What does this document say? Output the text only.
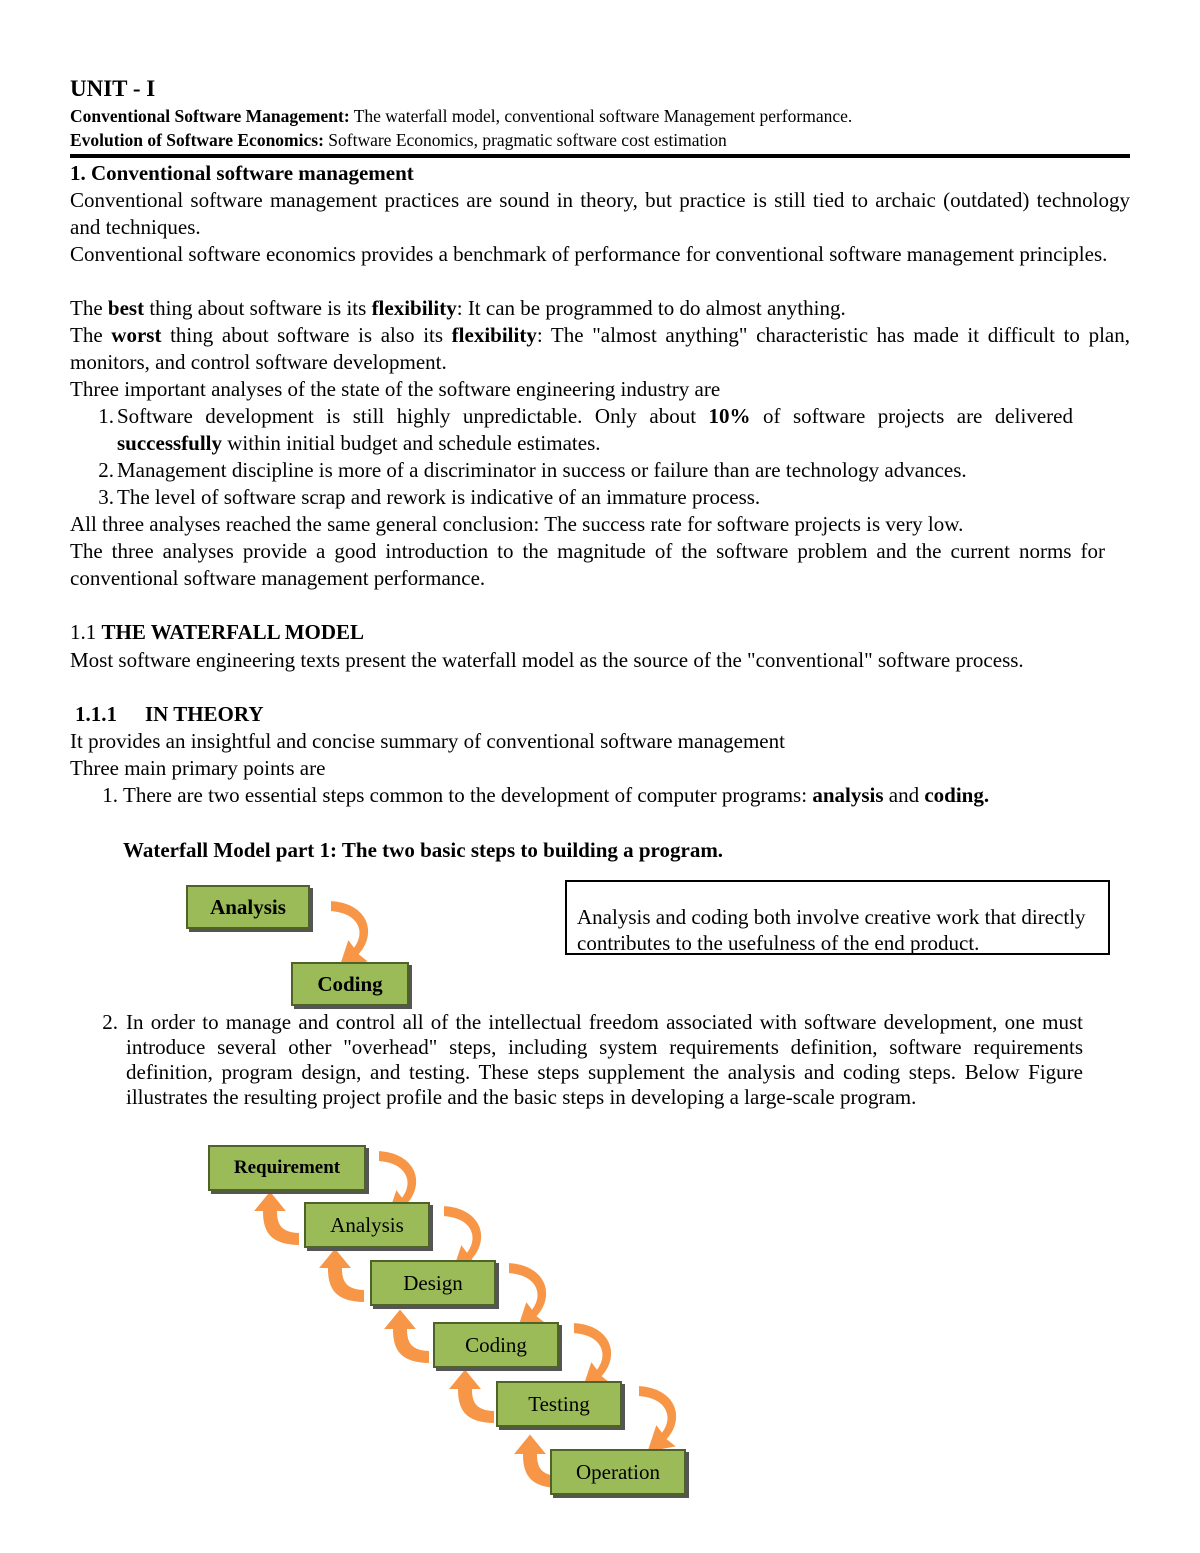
UNIT - I
Conventional Software Management: The waterfall model, conventional software Management performance.
Evolution of Software Economics: Software Economics, pragmatic software cost estimation
1. Conventional software management
Conventional software management practices are sound in theory, but practice is still tied to archaic (outdated) technology and techniques.
Conventional software economics provides a benchmark of performance for conventional software management principles.
The best thing about software is its flexibility: It can be programmed to do almost anything.
The worst thing about software is also its flexibility: The "almost anything" characteristic has made it difficult to plan, monitors, and control software development.
Three important analyses of the state of the software engineering industry are
1. Software development is still highly unpredictable. Only about 10% of software projects are delivered successfully within initial budget and schedule estimates.
2. Management discipline is more of a discriminator in success or failure than are technology advances.
3. The level of software scrap and rework is indicative of an immature process.
All three analyses reached the same general conclusion: The success rate for software projects is very low.
The three analyses provide a good introduction to the magnitude of the software problem and the current norms for conventional software management performance.
1.1 THE WATERFALL MODEL
Most software engineering texts present the waterfall model as the source of the "conventional" software process.
1.1.1 IN THEORY
It provides an insightful and concise summary of conventional software management
Three main primary points are
1. There are two essential steps common to the development of computer programs: analysis and coding.
Waterfall Model part 1: The two basic steps to building a program.
Analysis
Coding
Analysis and coding both involve creative work that directly contributes to the usefulness of the end product.
2. In order to manage and control all of the intellectual freedom associated with software development, one must introduce several other "overhead" steps, including system requirements definition, software requirements definition, program design, and testing. These steps supplement the analysis and coding steps. Below Figure illustrates the resulting project profile and the basic steps in developing a large-scale program.
Requirement
Analysis
Design
Coding
Testing
Operation
